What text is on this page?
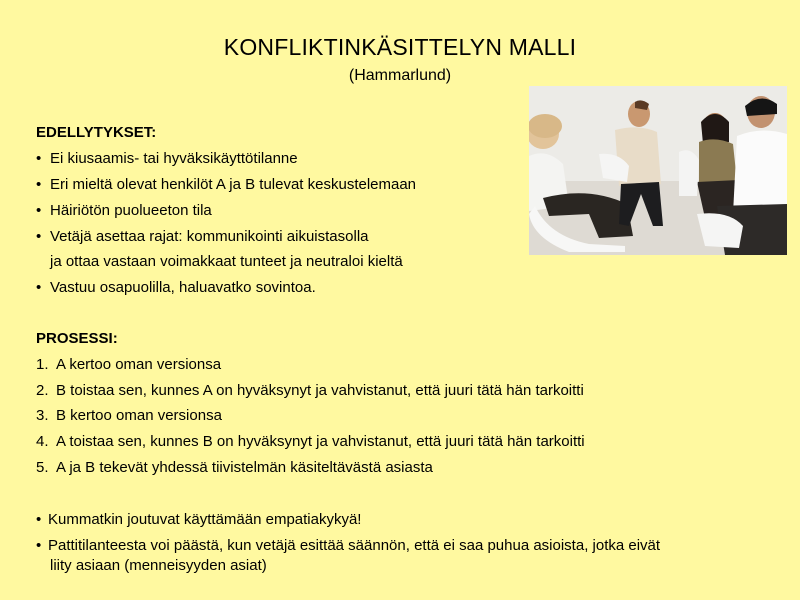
KONFLIKTINKÄSITTELYN MALLI
(Hammarlund)
EDELLYTYKSET:
• Ei kiusaamis- tai hyväksikäyttötilanne
• Eri mieltä olevat henkilöt A ja B tulevat keskustelemaan
• Häiriötön puolueeton tila
• Vetäjä asettaa rajat: kommunikointi aikuistasolla
ja ottaa vastaan voimakkaat tunteet ja neutraloi kieltä
• Vastuu osapuolilla, haluavatko sovintoa.
PROSESSI:
1. A kertoo oman versionsa
2. B toistaa sen, kunnes A on hyväksynyt ja vahvistanut, että juuri tätä hän tarkoitti
3. B kertoo oman versionsa
4. A toistaa sen, kunnes B on hyväksynyt ja vahvistanut, että juuri tätä hän tarkoitti
5. A ja B tekevät yhdessä tiivistelmän käsiteltävästä asiasta
• Kummatkin joutuvat käyttämään empatiakykyä!
• Pattitilanteesta voi päästä, kun vetäjä esittää säännön, että ei saa puhua asioista, jotka eivät
liity asiaan (menneisyyden asiat)
